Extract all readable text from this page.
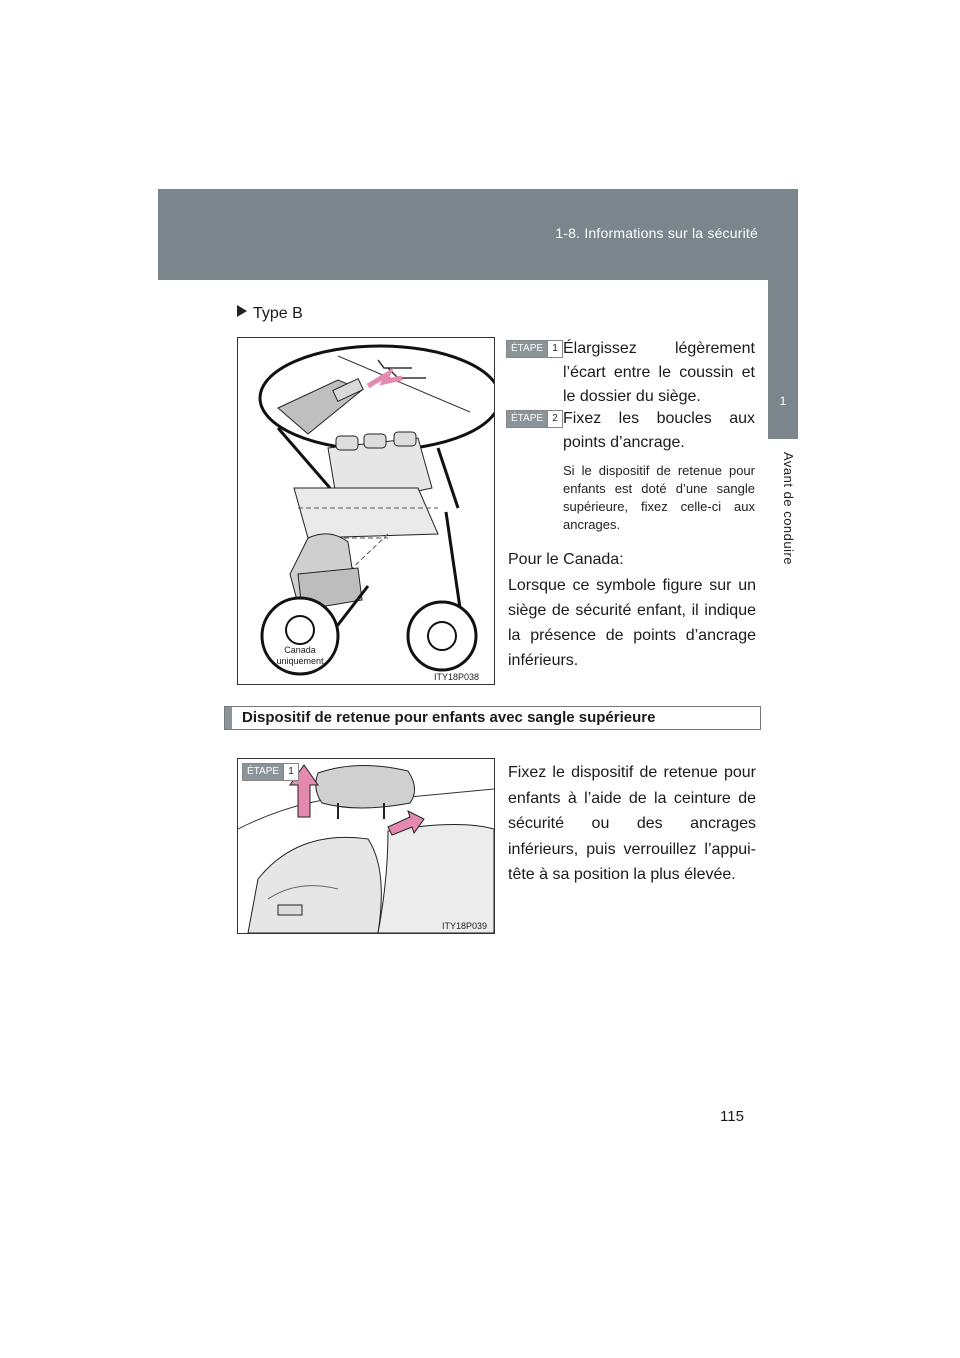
1-8. Informations sur la sécurité
1
Avant de conduire
Type B
Canada
uniquement
ITY18P038
ÉTAPE 1 Élargissez légèrement l’écart entre le coussin et le dossier du siège.
ÉTAPE 2 Fixez les boucles aux points d’ancrage.
Si le dispositif de retenue pour enfants est doté d’une sangle supérieure, fixez celle-ci aux ancrages.
Pour le Canada:
Lorsque ce symbole figure sur un siège de sécurité enfant, il indique la présence de points d’ancrage inférieurs.
Dispositif de retenue pour enfants avec sangle supérieure
ÉTAPE 1
ITY18P039
Fixez le dispositif de retenue pour enfants à l’aide de la ceinture de sécurité ou des ancrages inférieurs, puis verrouillez l’appui-tête à sa position la plus élevée.
115
